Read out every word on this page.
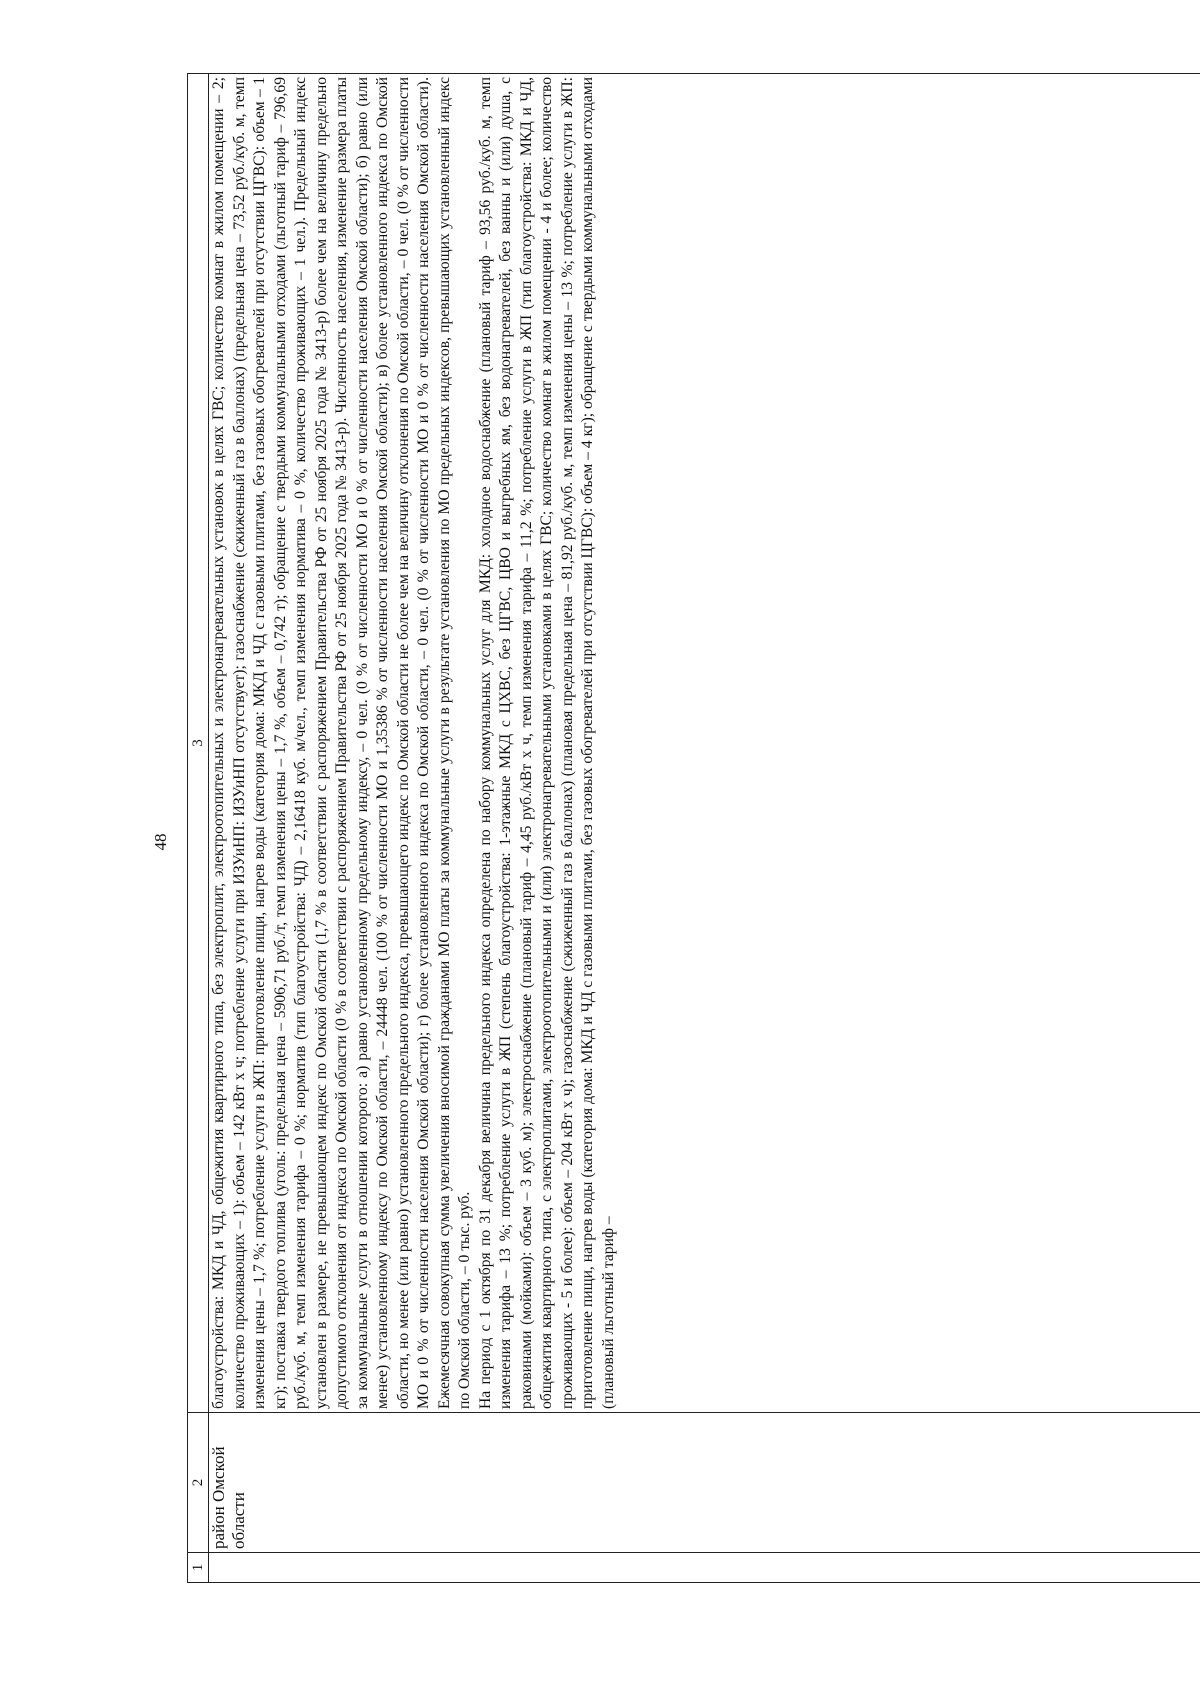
48
1	2	3
	район Омской области	благоустройства: МКД и ЧД, общежития квартирного типа, без электроплит, электроотопительных и электронагревательных установок в целях ГВС; количество комнат в жилом помещении – 2; количество проживающих – 1): объем – 142 кВт х ч; потребление услуги при ИЗУиНП: ИЗУиНП отсутствует); газоснабжение (сжиженный газ в баллонах) (предельная цена – 73,52 руб./куб. м, темп изменения цены – 1,7 %; потребление услуги в ЖП: приготовление пищи, нагрев воды (категория дома: МКД и ЧД с газовыми плитами, без газовых обогревателей при отсутствии ЦГВС): объем – 1 кг); поставка твердого топлива (уголь: предельная цена – 5906,71 руб./т, темп изменения цены – 1,7 %, объем – 0,742 т); обращение с твердыми коммунальными отходами (льготный тариф – 796,69 руб./куб. м, темп изменения тарифа – 0 %; норматив (тип благоустройства: ЧД) – 2,16418 куб. м/чел., темп изменения норматива – 0 %, количество проживающих – 1 чел.). Предельный индекс установлен в размере, не превышающем индекс по Омской области (1,7 % в соответствии с распоряжением Правительства РФ от 25 ноября 2025 года № 3413-р) более чем на величину предельно допустимого отклонения от индекса по Омской области (0 % в соответствии с распоряжением Правительства РФ от 25 ноября 2025 года № 3413-р). Численность населения, изменение размера платы за коммунальные услуги в отношении которого: а) равно установленному предельному индексу, – 0 чел. (0 % от численности МО и 0 % от численности населения Омской области); б) равно (или менее) установленному индексу по Омской области, – 24448 чел. (100 % от численности МО и 1,35386 % от численности населения Омской области); в) более установленного индекса по Омской области, но менее (или равно) установленного предельного индекса, превышающего индекс по Омской области не более чем на величину отклонения по Омской области, – 0 чел. (0 % от численности МО и 0 % от численности населения Омской области); г) более установленного индекса по Омской области, – 0 чел. (0 % от численности МО и 0 % от численности населения Омской области). Ежемесячная совокупная сумма увеличения вносимой гражданами МО платы за коммунальные услуги в результате установления по МО предельных индексов, превышающих установленный индекс по Омской области, – 0 тыс. руб. На период с 1 октября по 31 декабря величина предельного индекса определена по набору коммунальных услуг для МКД: холодное водоснабжение (плановый тариф – 93,56 руб./куб. м, темп изменения тарифа – 13 %; потребление услуги в ЖП (степень благоустройства: 1-этажные МКД с ЦХВС, без ЦГВС, ЦВО и выгребных ям, без водонагревателей, без ванны и (или) душа, с раковинами (мойками): объем – 3 куб. м); электроснабжение (плановый тариф – 4,45 руб./кВт х ч, темп изменения тарифа – 11,2 %; потребление услуги в ЖП (тип благоустройства: МКД и ЧД, общежития квартирного типа, с электроплитами, электроотопительными и (или) электронагревательными установками в целях ГВС; количество комнат в жилом помещении - 4 и более; количество проживающих - 5 и более): объем – 204 кВт х ч); газоснабжение (сжиженный газ в баллонах) (плановая предельная цена – 81,92 руб./куб. м, темп изменения цены – 13 %; потребление услуги в ЖП: приготовление пищи, нагрев воды (категория дома: МКД и ЧД с газовыми плитами, без газовых обогревателей при отсутствии ЦГВС): объем – 4 кг); обращение с твердыми коммунальными отходами (плановый льготный тариф –
